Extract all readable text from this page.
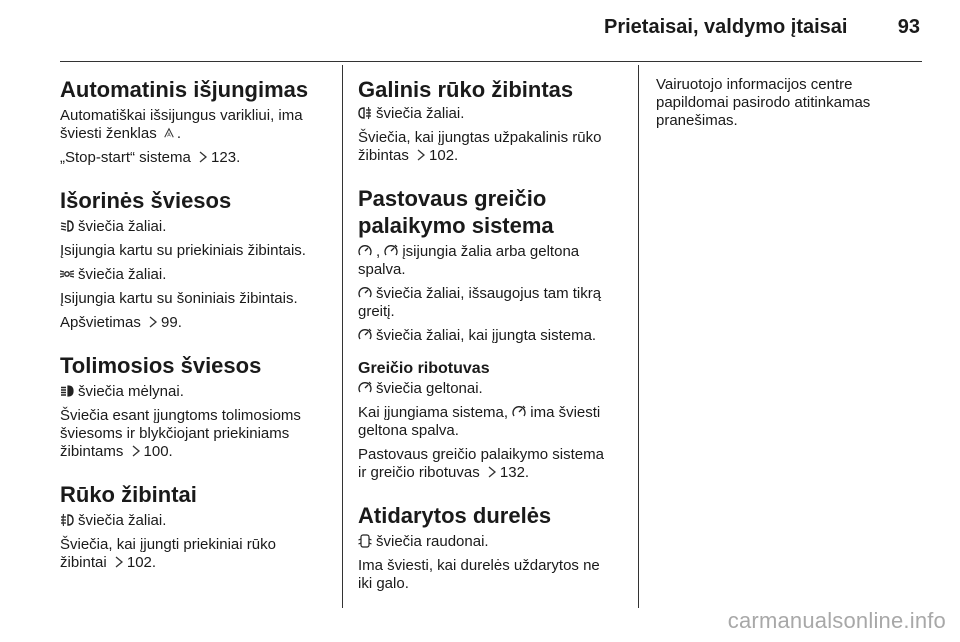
Prietaisai, valdymo įtaisai	93
Automatinis išjungimas

Automatiškai išsijungus varikliui, ima
šviesti ženklas A .

„Stop-start“ sistema 123.

Išorinės šviesos

šviečia žaliai.

Įsijungia kartu su priekiniais žibintais.

šviečia žaliai.

Įsijungia kartu su šoniniais žibintais.

Apšvietimas 99.

Tolimosios šviesos

šviečia mėlynai.

Šviečia esant įjungtoms tolimosioms
šviesoms ir blykčiojant priekiniams
žibintams 100.

Rūko žibintai

šviečia žaliai.

Šviečia, kai įjungti priekiniai rūko
žibintai 102.

Galinis rūko žibintas

šviečia žaliai.

Šviečia, kai įjungtas užpakalinis rūko
žibintas 102.

Pastovaus greičio
palaikymo sistema

, įsijungia žalia arba geltona
spalva.

šviečia žaliai, išsaugojus tam tikrą
greitį.

šviečia žaliai, kai įjungta sistema.

Greičio ribotuvas

šviečia geltonai.

Kai įjungiama sistema, ima šviesti
geltona spalva.

Pastovaus greičio palaikymo sistema
ir greičio ribotuvas 132.

Atidarytos durelės

šviečia raudonai.

Ima šviesti, kai durelės uždarytos ne
iki galo.

Vairuotojo informacijos centre
papildomai pasirodo atitinkamas
pranešimas.

carmanualsonline.info
